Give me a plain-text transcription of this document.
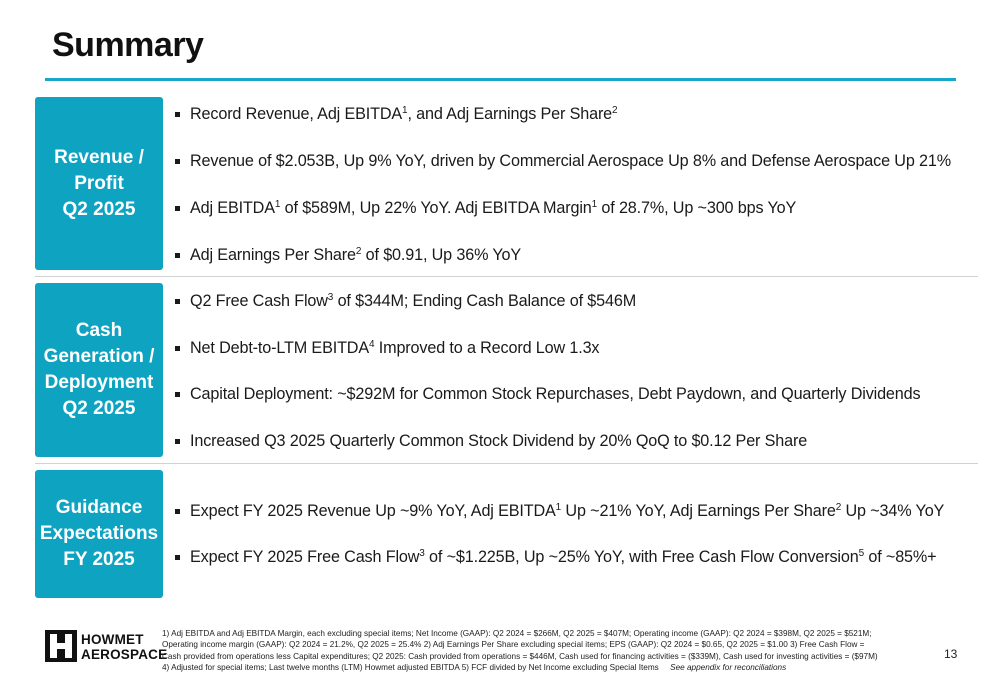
Summary
Revenue /
Profit
Q2 2025
Record Revenue, Adj EBITDA$^1$, and Adj Earnings Per Share$^2$
Revenue of $2.053B, Up 9% YoY, driven by Commercial Aerospace Up 8% and Defense Aerospace Up 21%
Adj EBITDA$^1$ of $589M, Up 22% YoY. Adj EBITDA Margin$^1$ of 28.7%, Up ~300 bps YoY
Adj Earnings Per Share$^2$ of $0.91, Up 36% YoY
Cash
Generation /
Deployment
Q2 2025
Q2 Free Cash Flow$^3$ of $344M; Ending Cash Balance of $546M
Net Debt-to-LTM EBITDA$^4$ Improved to a Record Low 1.3x
Capital Deployment: ~$292M for Common Stock Repurchases, Debt Paydown, and Quarterly Dividends
Increased Q3 2025 Quarterly Common Stock Dividend by 20% QoQ to $0.12 Per Share
Guidance
Expectations
FY 2025
Expect FY 2025 Revenue Up ~9% YoY, Adj EBITDA$^1$ Up ~21% YoY, Adj Earnings Per Share$^2$ Up ~34% YoY
Expect FY 2025 Free Cash Flow$^3$ of ~$1.225B, Up ~25% YoY, with Free Cash Flow Conversion$^5$ of ~85%+
HOWMET
AEROSPACE
1) Adj EBITDA and Adj EBITDA Margin, each excluding special items; Net Income (GAAP): Q2 2024 = $266M, Q2 2025 = $407M; Operating income (GAAP): Q2 2024 = $398M, Q2 2025 = $521M;
Operating income margin (GAAP): Q2 2024 = 21.2%, Q2 2025 = 25.4% 2) Adj Earnings Per Share excluding special items; EPS (GAAP): Q2 2024 = $0.65, Q2 2025 = $1.00 3) Free Cash Flow =
Cash provided from operations less Capital expenditures; Q2 2025: Cash provided from operations = $446M, Cash used for financing activities = ($339M), Cash used for investing activities = ($97M)
4) Adjusted for special items; Last twelve months (LTM) Howmet adjusted EBITDA 5) FCF divided by Net Income excluding Special Items See appendix for reconciliations
13
